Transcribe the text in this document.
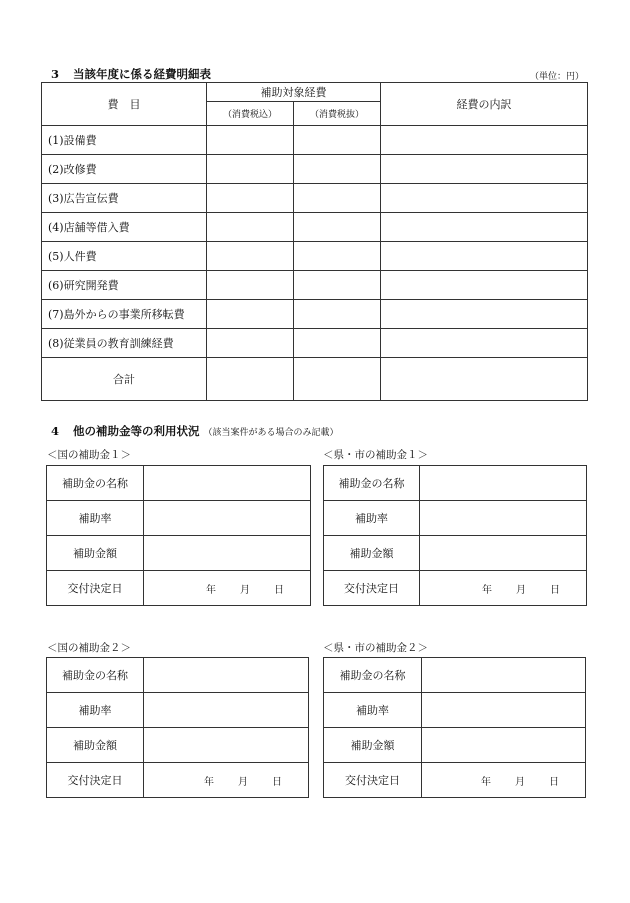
3 当該年度に係る経費明細表	（単位：円）
費　目	補助対象経費		経費の内訳
	（消費税込）	（消費税抜）	
(1)設備費			
(2)改修費			
(3)広告宣伝費			
(4)店舗等借入費			
(5)人件費			
(6)研究開発費			
(7)島外からの事業所移転費			
(8)従業員の教育訓練経費			
合計			
4 他の補助金等の利用状況 （該当案件がある場合のみ記載）
＜国の補助金１＞
補助金の名称	
補助率	
補助金額	
交付決定日	年 月 日
＜県・市の補助金１＞
補助金の名称	
補助率	
補助金額	
交付決定日	年 月 日
＜国の補助金２＞
補助金の名称	
補助率	
補助金額	
交付決定日	年 月 日
＜県・市の補助金２＞
補助金の名称	
補助率	
補助金額	
交付決定日	年 月 日
